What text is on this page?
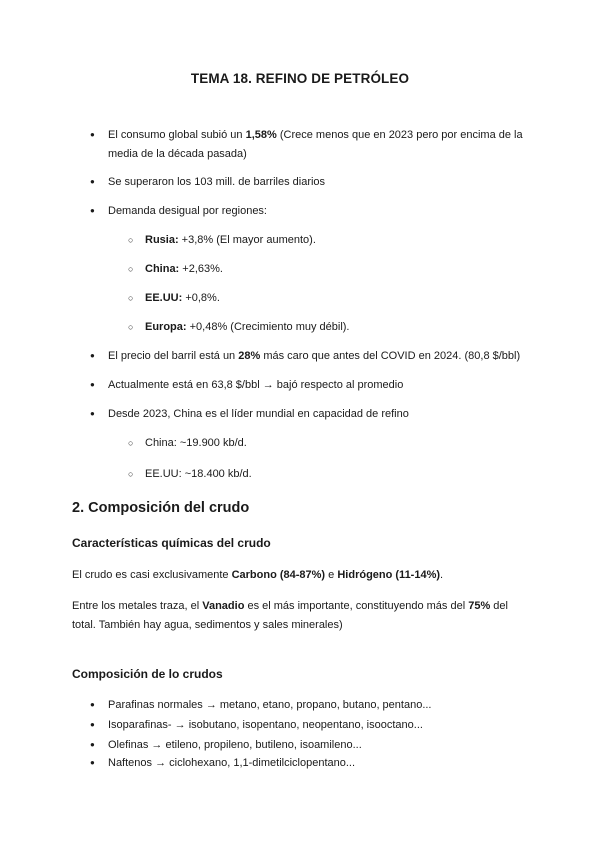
TEMA 18. REFINO DE PETRÓLEO
● El consumo global subió un 1,58% (Crece menos que en 2023 pero por encima de la media de la década pasada)
● Se superaron los 103 mill. de barriles diarios
● Demanda desigual por regiones:
○ Rusia: +3,8% (El mayor aumento).
○ China: +2,63%.
○ EE.UU: +0,8%.
○ Europa: +0,48% (Crecimiento muy débil).
● El precio del barril está un 28% más caro que antes del COVID en 2024. (80,8 $/bbl)
● Actualmente está en 63,8 $/bbl → bajó respecto al promedio
● Desde 2023, China es el líder mundial en capacidad de refino
○ China: ~19.900 kb/d.
○ EE.UU: ~18.400 kb/d.
2. Composición del crudo
Características químicas del crudo
El crudo es casi exclusivamente Carbono (84-87%) e Hidrógeno (11-14%).
Entre los metales traza, el Vanadio es el más importante, constituyendo más del 75% del total. También hay agua, sedimentos y sales minerales)
Composición de lo crudos
● Parafinas normales → metano, etano, propano, butano, pentano...
● Isoparafinas- → isobutano, isopentano, neopentano, isooctano...
● Olefinas → etileno, propileno, butileno, isoamileno...
● Naftenos → ciclohexano, 1,1-dimetilciclopentano...
